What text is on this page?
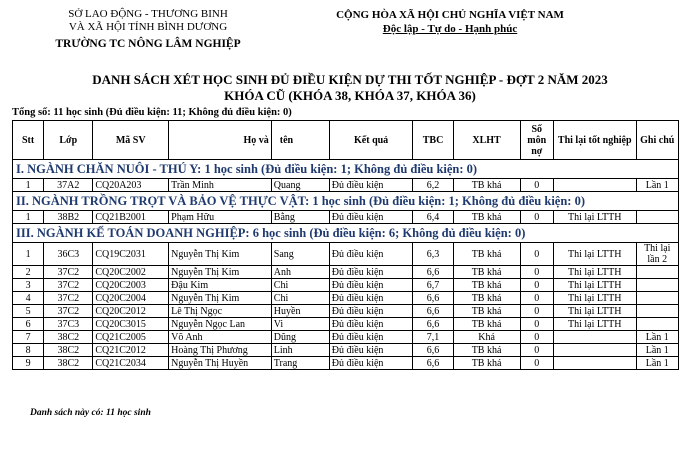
SỞ LAO ĐỘNG - THƯƠNG BINH
VÀ XÃ HỘI TỈNH BÌNH DƯƠNG
TRƯỜNG TC NÔNG LÂM NGHIỆP
CỘNG HÒA XÃ HỘI CHỦ NGHĨA VIỆT NAM
Độc lập - Tự do - Hạnh phúc
DANH SÁCH XÉT HỌC SINH ĐỦ ĐIỀU KIỆN DỰ THI TỐT NGHIỆP - ĐỢT 2 NĂM 2023
KHÓA CŨ (KHÓA 38, KHÓA 37, KHÓA 36)
Tổng số: 11 học sinh (Đủ điều kiện: 11; Không đủ điều kiện: 0)
Stt	Lớp	Mã SV	Họ và	tên	Kết quả	TBC	XLHT	Số môn nợ	Thi lại tốt nghiệp	Ghi chú
I. NGÀNH CHĂN NUÔI - THÚ Y: 1 học sinh (Đủ điều kiện: 1; Không đủ điều kiện: 0)										
1	37A2	CQ20A203	Trần Minh	Quang	Đủ điều kiện	6,2	TB khá	0		Lần 1
II. NGÀNH TRỒNG TRỌT VÀ BẢO VỆ THỰC VẬT: 1 học sinh (Đủ điều kiện: 1; Không đủ điều kiện: 0)										
1	38B2	CQ21B2001	Phạm Hữu	Bằng	Đủ điều kiện	6,4	TB khá	0	Thi lại LTTH	
III. NGÀNH KẾ TOÁN DOANH NGHIỆP: 6 học sinh (Đủ điều kiện: 6; Không đủ điều kiện: 0)										
1	36C3	CQ19C2031	Nguyễn Thị Kim	Sang	Đủ điều kiện	6,3	TB khá	0	Thi lại LTTH	Thi lại lần 2
2	37C2	CQ20C2002	Nguyễn Thị Kim	Anh	Đủ điều kiện	6,6	TB khá	0	Thi lại LTTH	
3	37C2	CQ20C2003	Đậu Kim	Chi	Đủ điều kiện	6,7	TB khá	0	Thi lại LTTH	
4	37C2	CQ20C2004	Nguyễn Thị Kim	Chi	Đủ điều kiện	6,6	TB khá	0	Thi lại LTTH	
5	37C2	CQ20C2012	Lê Thị Ngọc	Huyền	Đủ điều kiện	6,6	TB khá	0	Thi lại LTTH	
6	37C3	CQ20C3015	Nguyễn Ngọc Lan	Vi	Đủ điều kiện	6,6	TB khá	0	Thi lại LTTH	
7	38C2	CQ21C2005	Võ Anh	Dũng	Đủ điều kiện	7,1	Khá	0		Lần 1
8	38C2	CQ21C2012	Hoàng Thị Phương	Linh	Đủ điều kiện	6,6	TB khá	0		Lần 1
9	38C2	CQ21C2034	Nguyễn Thị Huyền	Trang	Đủ điều kiện	6,6	TB khá	0		Lần 1
Danh sách này có: 11 học sinh
